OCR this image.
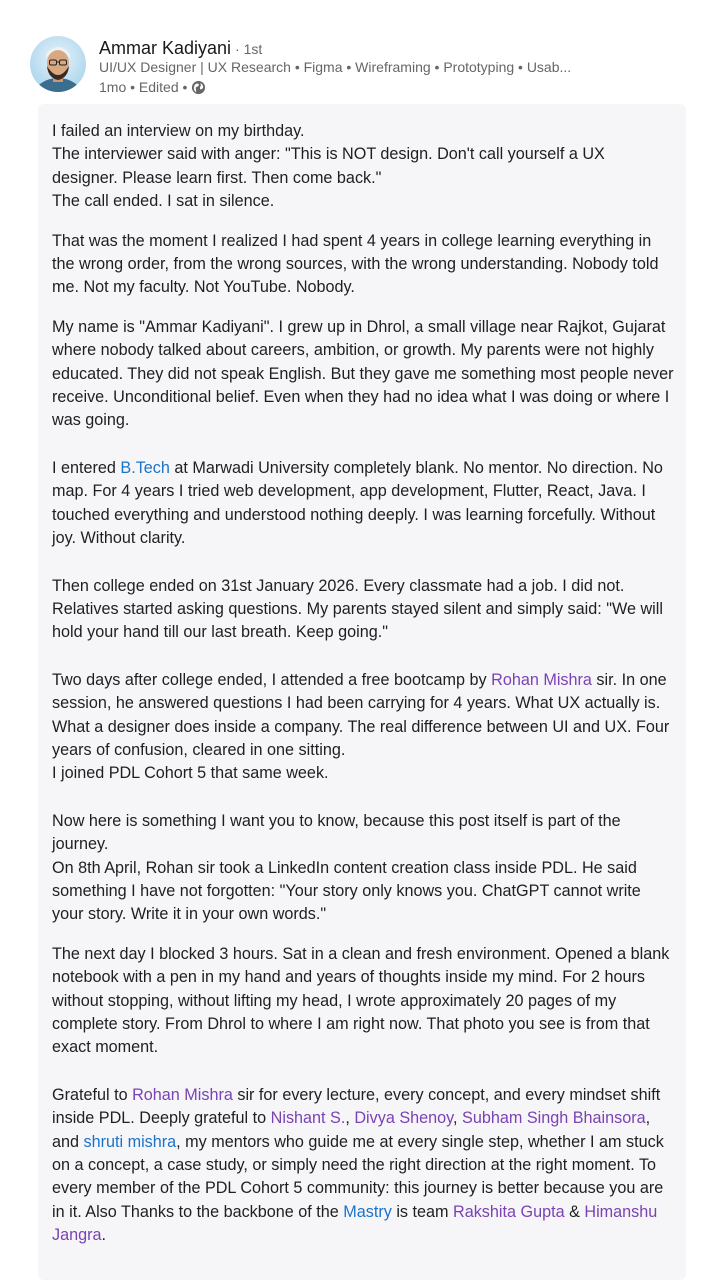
Ammar Kadiyani · 1st
UI/UX Designer | UX Research • Figma • Wireframing • Prototyping • Usab...
1mo
• Edited •

I failed an interview on my birthday.
The interviewer said with anger: "This is NOT design. Don't call yourself a UX designer. Please learn first. Then come back."
The call ended. I sat in silence.

That was the moment I realized I had spent 4 years in college learning everything in the wrong order, from the wrong sources, with the wrong understanding. Nobody told me. Not my faculty. Not YouTube. Nobody.

My name is "Ammar Kadiyani". I grew up in Dhrol, a small village near Rajkot, Gujarat where nobody talked about careers, ambition, or growth. My parents were not highly educated. They did not speak English. But they gave me something most people never receive. Unconditional belief. Even when they had no idea what I was doing or where I was going.

I entered B.Tech at Marwadi University completely blank. No mentor. No direction. No map. For 4 years I tried web development, app development, Flutter, React, Java. I touched everything and understood nothing deeply. I was learning forcefully. Without joy. Without clarity.

Then college ended on 31st January 2026. Every classmate had a job. I did not. Relatives started asking questions. My parents stayed silent and simply said: "We will hold your hand till our last breath. Keep going."

Two days after college ended, I attended a free bootcamp by Rohan Mishra sir. In one session, he answered questions I had been carrying for 4 years. What UX actually is. What a designer does inside a company. The real difference between UI and UX. Four years of confusion, cleared in one sitting.
I joined PDL Cohort 5 that same week.

Now here is something I want you to know, because this post itself is part of the journey.
On 8th April, Rohan sir took a LinkedIn content creation class inside PDL. He said something I have not forgotten: "Your story only knows you. ChatGPT cannot write your story. Write it in your own words."

The next day I blocked 3 hours. Sat in a clean and fresh environment. Opened a blank notebook with a pen in my hand and years of thoughts inside my mind. For 2 hours without stopping, without lifting my head, I wrote approximately 20 pages of my complete story. From Dhrol to where I am right now. That photo you see is from that exact moment.

Grateful to Rohan Mishra sir for every lecture, every concept, and every mindset shift inside PDL. Deeply grateful to Nishant S., Divya Shenoy, Subham Singh Bhainsora, and shruti mishra, my mentors who guide me at every single step, whether I am stuck on a concept, a case study, or simply need the right direction at the right moment. To every member of the PDL Cohort 5 community: this journey is better because you are in it. Also Thanks to the backbone of the Mastry is team Rakshita Gupta & Himanshu Jangra.
